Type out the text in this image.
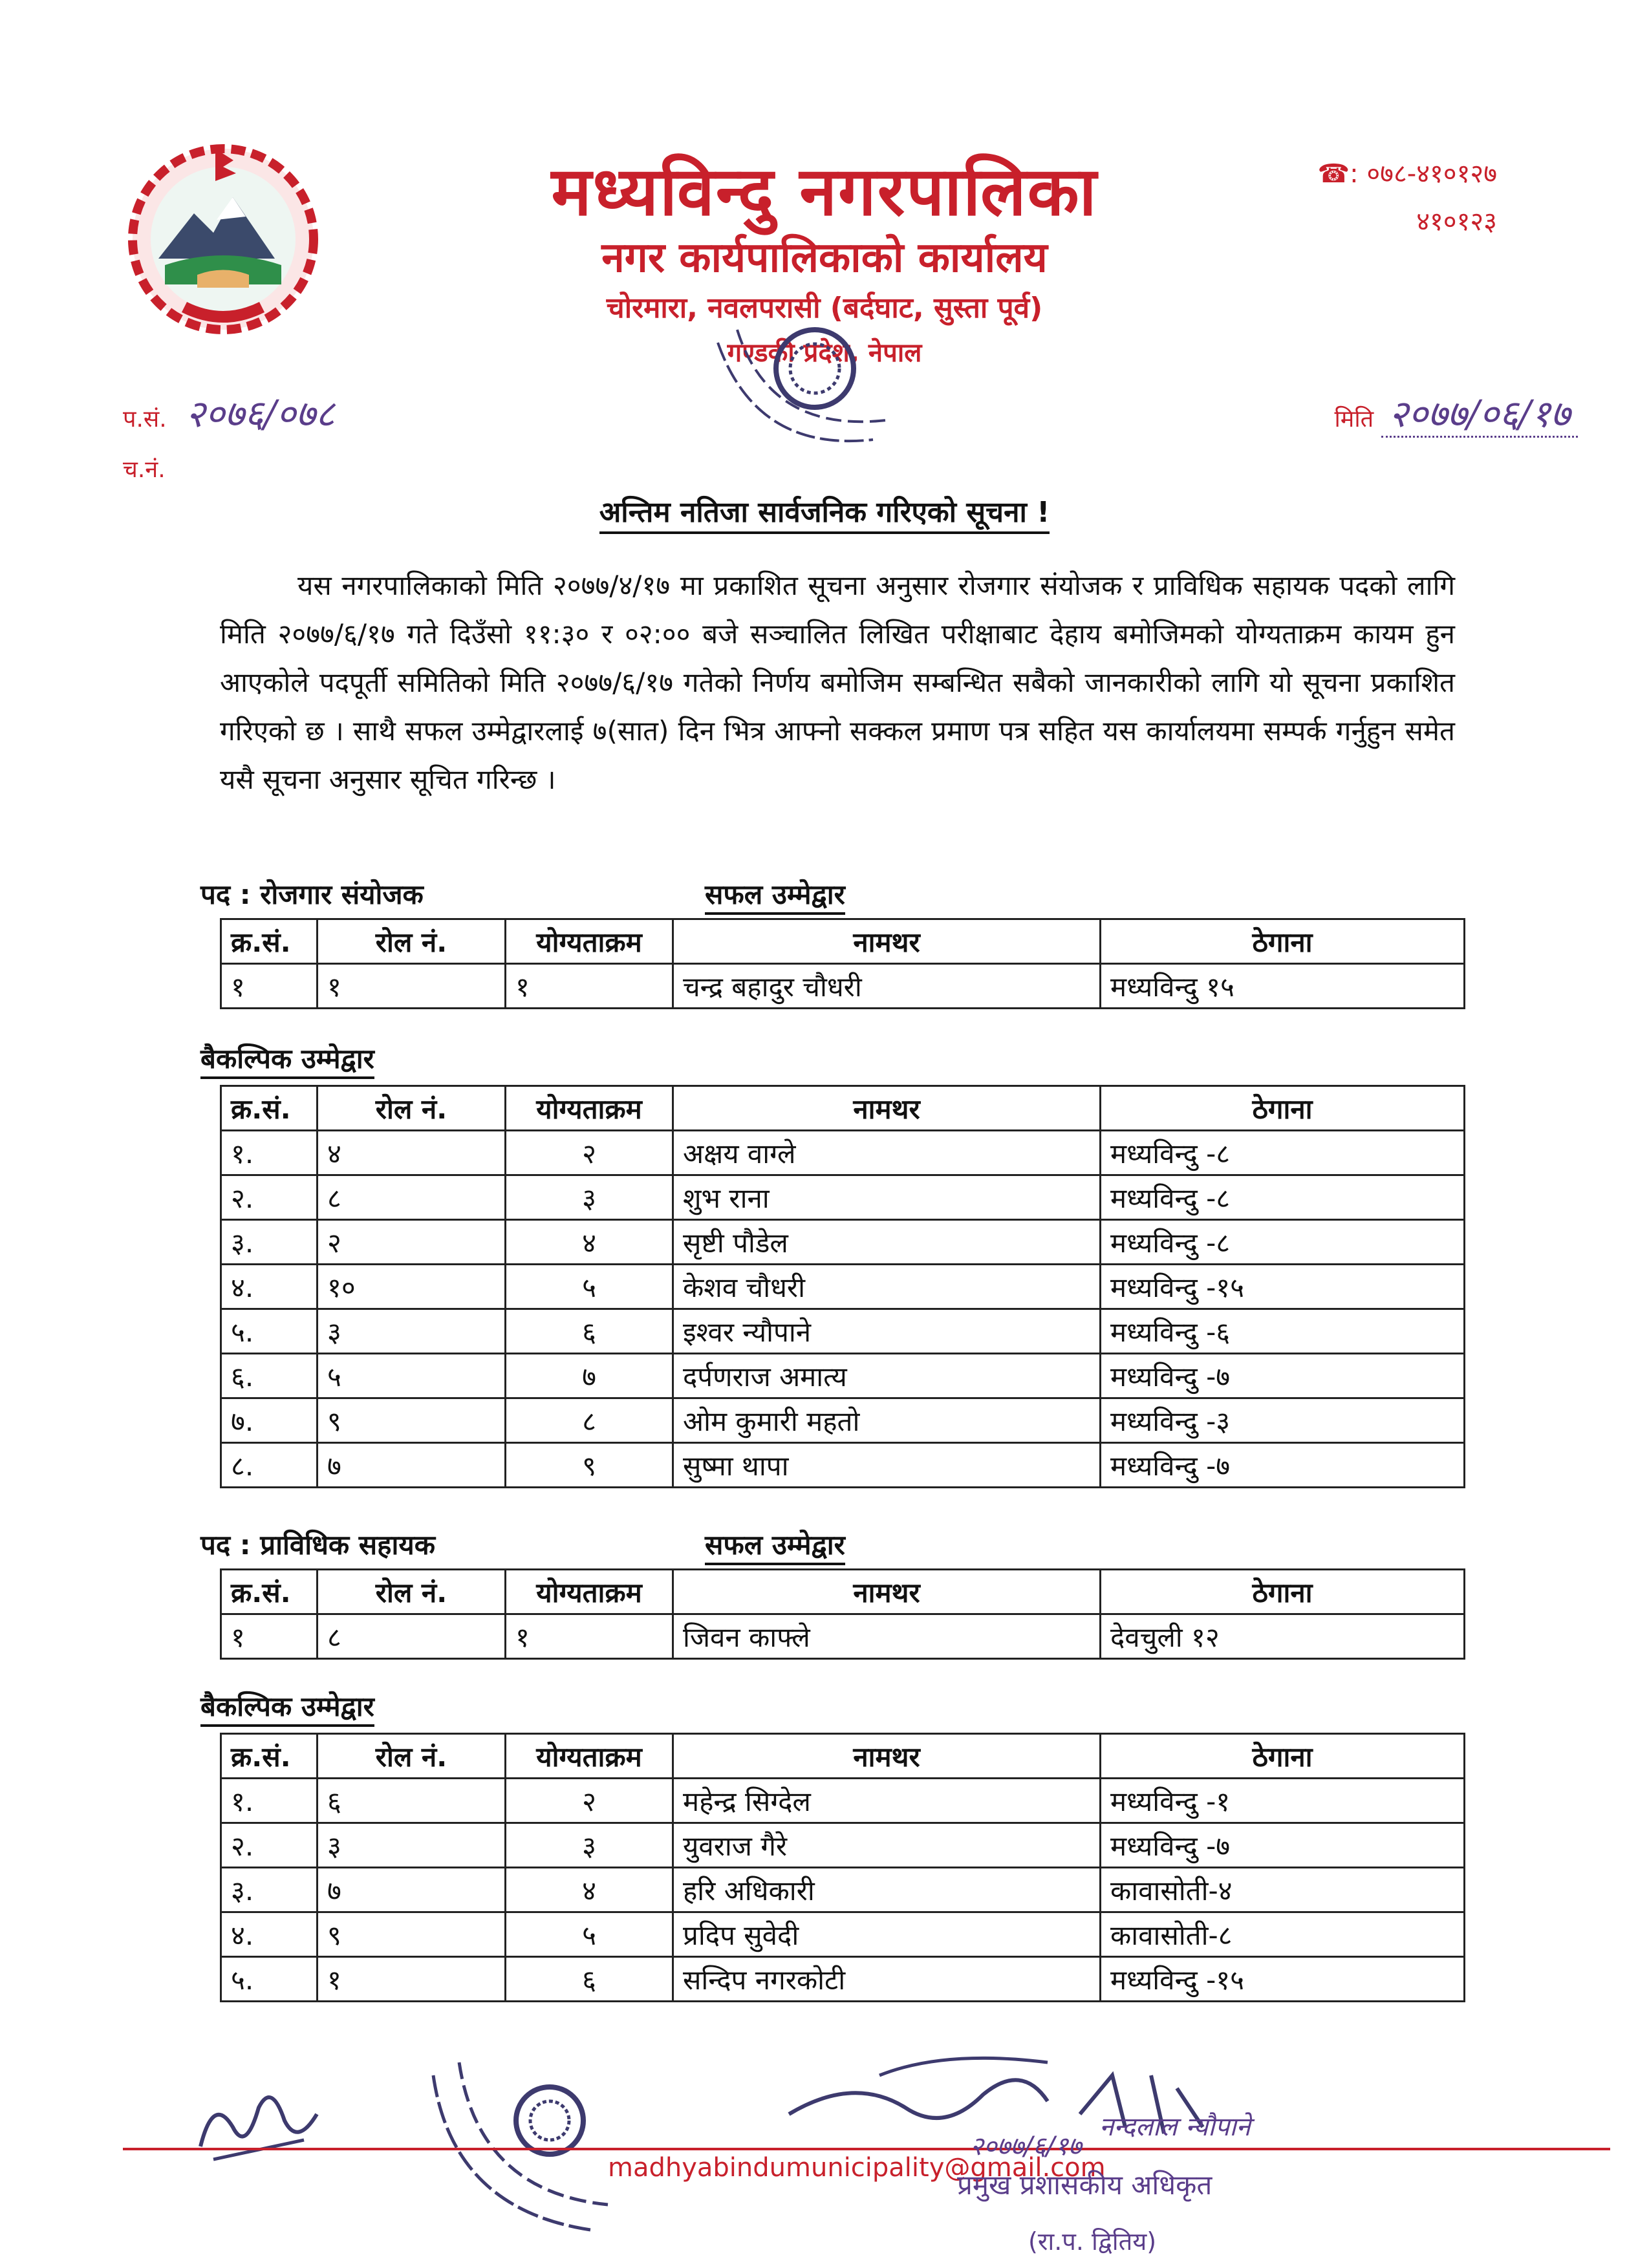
मध्यविन्दु नगरपालिका
नगर कार्यपालिकाको कार्यालय
चोरमारा, नवलपरासी (बर्दघाट, सुस्ता पूर्व)
गण्डकी प्रदेश, नेपाल
☎: ०७८-४१०१२७
४१०१२३
प.सं. २०७६/०७८
च.नं.
मिति २०७७/०६/१७
अन्तिम नतिजा सार्वजनिक गरिएको सूचना !
यस नगरपालिकाको मिति २०७७/४/१७ मा प्रकाशित सूचना अनुसार रोजगार संयोजक र प्राविधिक सहायक पदको लागि मिति २०७७/६/१७ गते दिउँसो ११:३० र ०२:०० बजे सञ्चालित लिखित परीक्षाबाट देहाय बमोजिमको योग्यताक्रम कायम हुन आएकोले पदपूर्ती समितिको मिति २०७७/६/१७ गतेको निर्णय बमोजिम सम्बन्धित सबैको जानकारीको लागि यो सूचना प्रकाशित गरिएको छ । साथै सफल उम्मेद्वारलाई ७(सात) दिन भित्र आफ्नो सक्कल प्रमाण पत्र सहित यस कार्यालयमा सम्पर्क गर्नुहुन समेत यसै सूचना अनुसार सूचित गरिन्छ ।
पद : रोजगार संयोजक	सफल उम्मेद्वार
क्र.सं.	रोल नं.	योग्यताक्रम	नामथर	ठेगाना
१	१	१	चन्द्र बहादुर चौधरी	मध्यविन्दु १५
बैकल्पिक उम्मेद्वार
क्र.सं.	रोल नं.	योग्यताक्रम	नामथर	ठेगाना
१.	४	२	अक्षय वाग्ले	मध्यविन्दु -८
२.	८	३	शुभ राना	मध्यविन्दु -८
३.	२	४	सृष्टी पौडेल	मध्यविन्दु -८
४.	१०	५	केशव चौधरी	मध्यविन्दु -१५
५.	३	६	इश्वर न्यौपाने	मध्यविन्दु -६
६.	५	७	दर्पणराज अमात्य	मध्यविन्दु -७
७.	९	८	ओम कुमारी महतो	मध्यविन्दु -३
८.	७	९	सुष्मा थापा	मध्यविन्दु -७
पद : प्राविधिक सहायक	सफल उम्मेद्वार
क्र.सं.	रोल नं.	योग्यताक्रम	नामथर	ठेगाना
१	८	१	जिवन काफ्ले	देवचुली १२
बैकल्पिक उम्मेद्वार
क्र.सं.	रोल नं.	योग्यताक्रम	नामथर	ठेगाना
१.	६	२	महेन्द्र सिग्देल	मध्यविन्दु -१
२.	३	३	युवराज गैरे	मध्यविन्दु -७
३.	७	४	हरि अधिकारी	कावासोती-४
४.	९	५	प्रदिप सुवेदी	कावासोती-८
५.	१	६	सन्दिप नगरकोटी	मध्यविन्दु -१५
madhyabindumunicipality@gmail.com
२०७७/६/१७
नन्दलाल न्यौपाने
प्रमुख प्रशासकीय अधिकृत
(रा.प. द्वितिय)
